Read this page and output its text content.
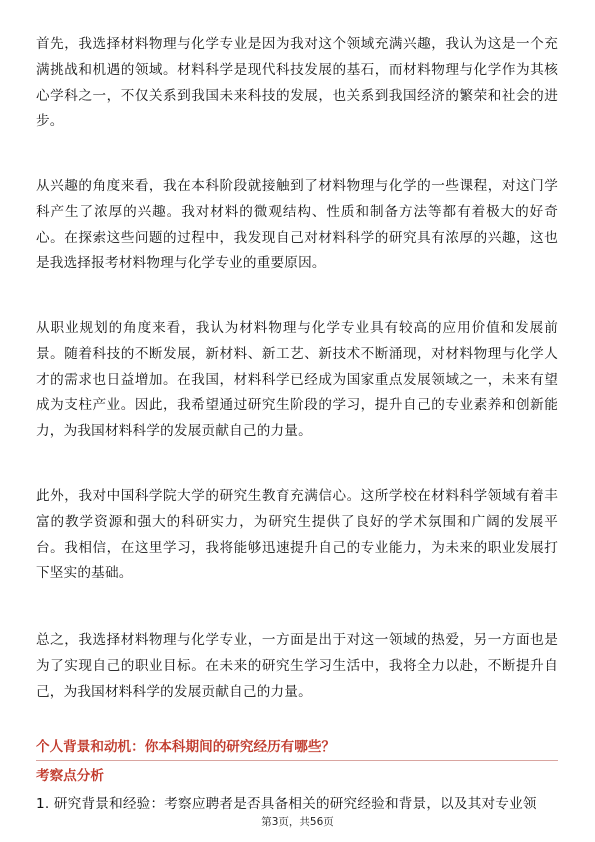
首先，我选择材料物理与化学专业是因为我对这个领域充满兴趣，我认为这是一个充满挑战和机遇的领域。材料科学是现代科技发展的基石，而材料物理与化学作为其核心学科之一，不仅关系到我国未来科技的发展，也关系到我国经济的繁荣和社会的进步。

从兴趣的角度来看，我在本科阶段就接触到了材料物理与化学的一些课程，对这门学科产生了浓厚的兴趣。我对材料的微观结构、性质和制备方法等都有着极大的好奇心。在探索这些问题的过程中，我发现自己对材料科学的研究具有浓厚的兴趣，这也是我选择报考材料物理与化学专业的重要原因。

从职业规划的角度来看，我认为材料物理与化学专业具有较高的应用价值和发展前景。随着科技的不断发展，新材料、新工艺、新技术不断涌现，对材料物理与化学人才的需求也日益增加。在我国，材料科学已经成为国家重点发展领域之一，未来有望成为支柱产业。因此，我希望通过研究生阶段的学习，提升自己的专业素养和创新能力，为我国材料科学的发展贡献自己的力量。

此外，我对中国科学院大学的研究生教育充满信心。这所学校在材料科学领域有着丰富的教学资源和强大的科研实力，为研究生提供了良好的学术氛围和广阔的发展平台。我相信，在这里学习，我将能够迅速提升自己的专业能力，为未来的职业发展打下坚实的基础。

总之，我选择材料物理与化学专业，一方面是出于对这一领域的热爱，另一方面也是为了实现自己的职业目标。在未来的研究生学习生活中，我将全力以赴，不断提升自己，为我国材料科学的发展贡献自己的力量。

个人背景和动机：你本科期间的研究经历有哪些？
考察点分析

1. 研究背景和经验：考察应聘者是否具备相关的研究经验和背景，以及其对专业领

第3页，共56页
